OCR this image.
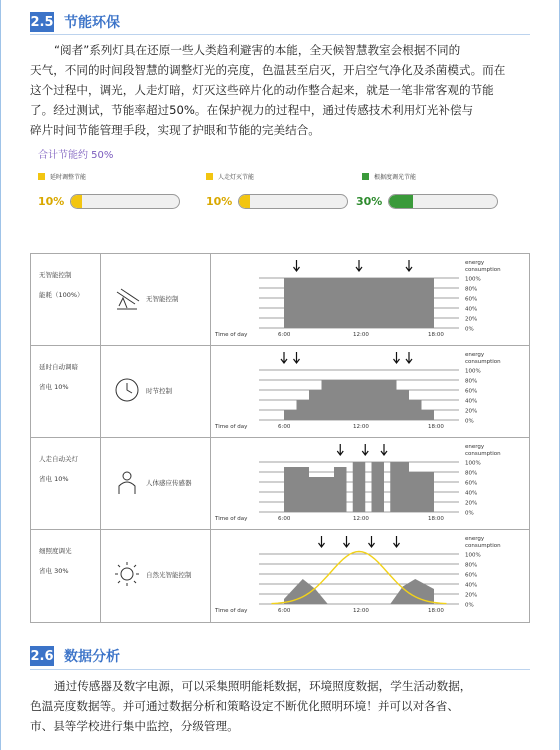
2.5 节能环保
“阅者”系列灯具在还原一些人类趋利避害的本能，全天候智慧教室会根据不同的
天气，不同的时间段智慧的调整灯光的亮度，色温甚至启灭，开启空气净化及杀菌模式。而在
这个过程中，调光，人走灯暗，灯灭这些碎片化的动作整合起来，就是一笔非常客观的节能
了。经过测试，节能率超过50%。在保护视力的过程中，通过传感技术利用灯光补偿与
碎片时间节能管理手段，实现了护眼和节能的完美结合。
合计节能约 50%
延时调整节能	人走灯灭节能	根据度调光节能
10%	10%	30%
无智能控制
能耗（100%）	无智能控制
100%
80%
60%
40%
20%
0%
energy
consumption
6:00	12:00	18:00
Time of day
延时自动调暗
省电 10%	时节控制
100%
80%
60%
40%
20%
0%
energy
consumption
6:00	12:00	18:00
Time of day
人走自动关灯
省电 10%	人体感应传感器
100%
80%
60%
40%
20%
0%
energy
consumption
6:00	12:00	18:00
Time of day
细照度调光
省电 30%	自然光智能控制
100%
80%
60%
40%
20%
0%
energy
consumption
6:00	12:00	18:00
Time of day
2.6 数据分析
通过传感器及数字电源，可以采集照明能耗数据，环境照度数据，学生活动数据，
色温亮度数据等。并可通过数据分析和策略设定不断优化照明环境！并可以对各省、
市、县等学校进行集中监控，分级管理。
